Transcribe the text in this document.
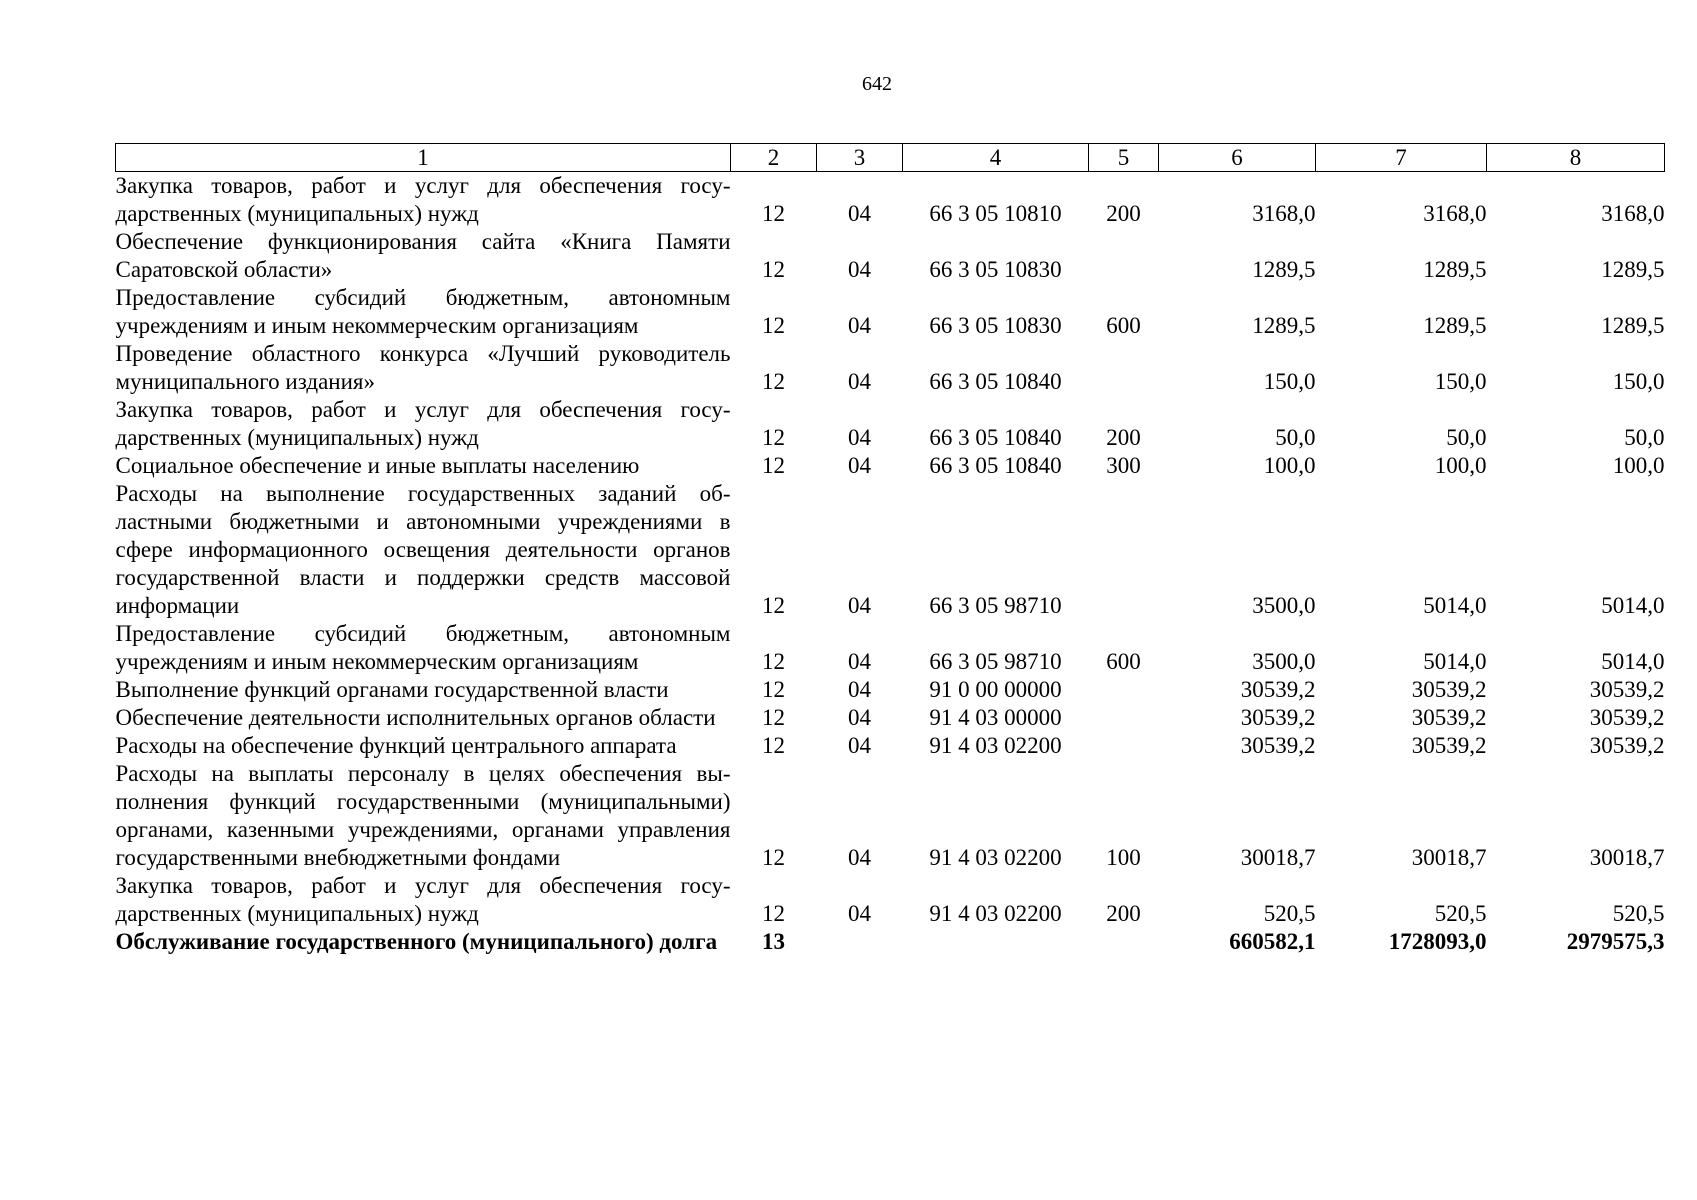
642
1	2	3	4	5	6	7	8
Закупка товаров, работ и услуг для обеспечения государственных (муниципальных) нужд	12	04	66 3 05 10810	200	3168,0	3168,0	3168,0
Обеспечение функционирования сайта «Книга Памяти Саратовской области»	12	04	66 3 05 10830		1289,5	1289,5	1289,5
Предоставление субсидий бюджетным, автономным учреждениям и иным некоммерческим организациям	12	04	66 3 05 10830	600	1289,5	1289,5	1289,5
Проведение областного конкурса «Лучший руководитель муниципального издания»	12	04	66 3 05 10840		150,0	150,0	150,0
Закупка товаров, работ и услуг для обеспечения государственных (муниципальных) нужд	12	04	66 3 05 10840	200	50,0	50,0	50,0
Социальное обеспечение и иные выплаты населению	12	04	66 3 05 10840	300	100,0	100,0	100,0
Расходы на выполнение государственных заданий областными бюджетными и автономными учреждениями в сфере информационного освещения деятельности органов государственной власти и поддержки средств массовой информации	12	04	66 3 05 98710		3500,0	5014,0	5014,0
Предоставление субсидий бюджетным, автономным учреждениям и иным некоммерческим организациям	12	04	66 3 05 98710	600	3500,0	5014,0	5014,0
Выполнение функций органами государственной власти	12	04	91 0 00 00000		30539,2	30539,2	30539,2
Обеспечение деятельности исполнительных органов области	12	04	91 4 03 00000		30539,2	30539,2	30539,2
Расходы на обеспечение функций центрального аппарата	12	04	91 4 03 02200		30539,2	30539,2	30539,2
Расходы на выплаты персоналу в целях обеспечения выполнения функций государственными (муниципальными) органами, казенными учреждениями, органами управления государственными внебюджетными фондами	12	04	91 4 03 02200	100	30018,7	30018,7	30018,7
Закупка товаров, работ и услуг для обеспечения государственных (муниципальных) нужд	12	04	91 4 03 02200	200	520,5	520,5	520,5
Обслуживание государственного (муниципального) долга	13				660582,1	1728093,0	2979575,3
